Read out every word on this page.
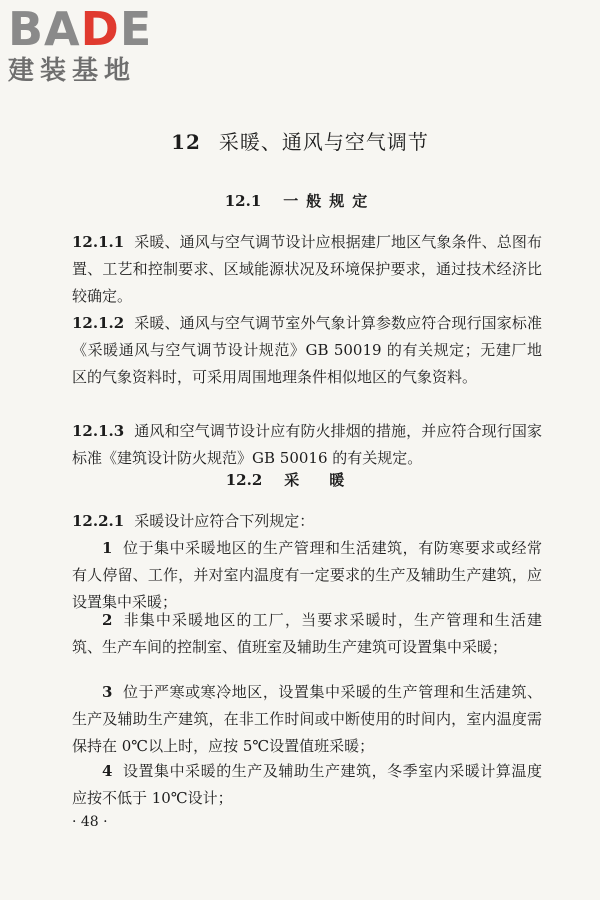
BADE
建装基地
12 采暖、通风与空气调节
12.1 一般规定
12.1.1 采暖、通风与空气调节设计应根据建厂地区气象条件、总图布置、工艺和控制要求、区域能源状况及环境保护要求，通过技术经济比较确定。
12.1.2 采暖、通风与空气调节室外气象计算参数应符合现行国家标准《采暖通风与空气调节设计规范》GB 50019 的有关规定；无建厂地区的气象资料时，可采用周围地理条件相似地区的气象资料。
12.1.3 通风和空气调节设计应有防火排烟的措施，并应符合现行国家标准《建筑设计防火规范》GB 50016 的有关规定。
12.2 采暖
12.2.1 采暖设计应符合下列规定：
1 位于集中采暖地区的生产管理和生活建筑，有防寒要求或经常有人停留、工作，并对室内温度有一定要求的生产及辅助生产建筑，应设置集中采暖；
2 非集中采暖地区的工厂，当要求采暖时，生产管理和生活建筑、生产车间的控制室、值班室及辅助生产建筑可设置集中采暖；
3 位于严寒或寒冷地区，设置集中采暖的生产管理和生活建筑、生产及辅助生产建筑，在非工作时间或中断使用的时间内，室内温度需保持在 0℃以上时，应按 5℃设置值班采暖；
4 设置集中采暖的生产及辅助生产建筑，冬季室内采暖计算温度应按不低于 10℃设计；
· 48 ·
